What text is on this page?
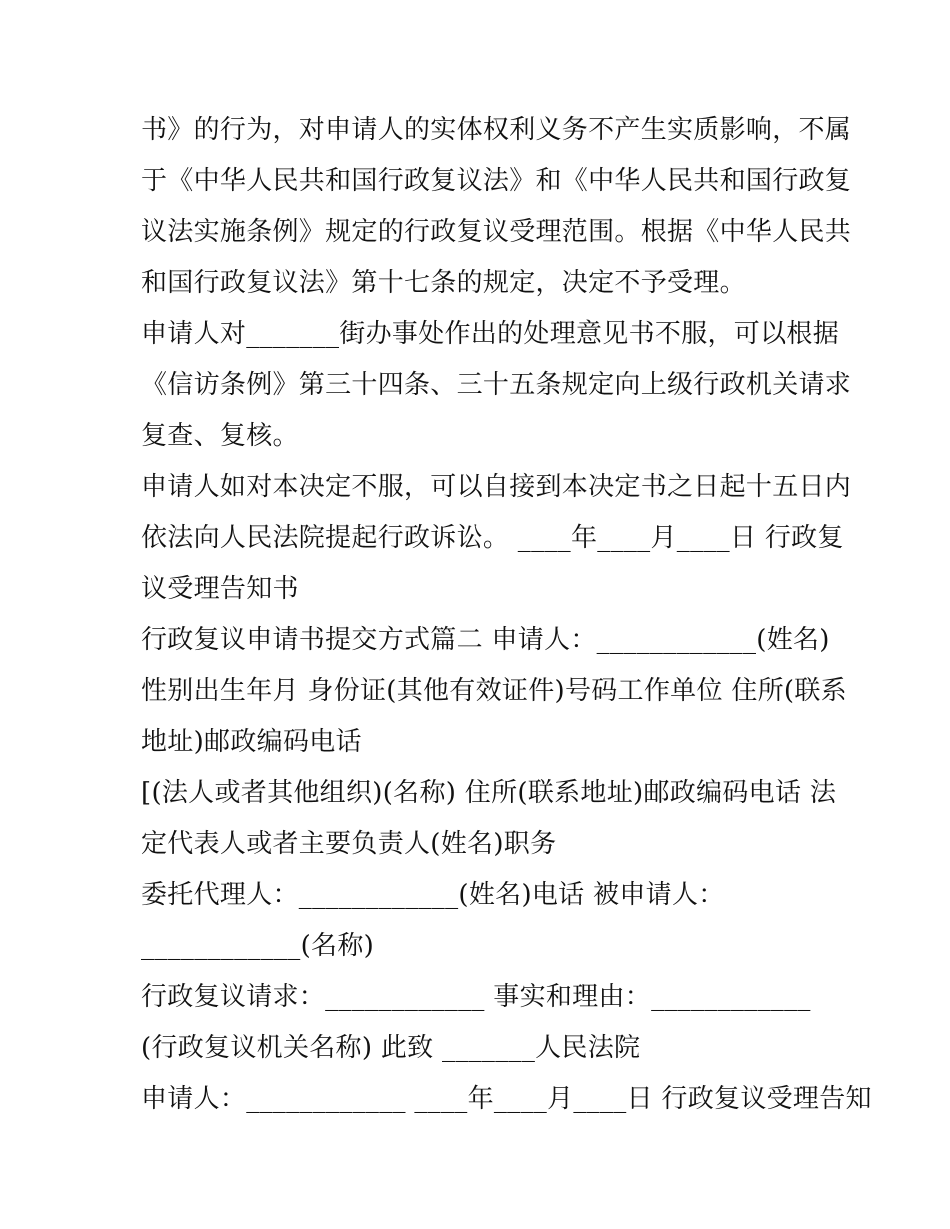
书》的行为，对申请人的实体权利义务不产生实质影响，不属
于《中华人民共和国行政复议法》和《中华人民共和国行政复
议法实施条例》规定的行政复议受理范围。根据《中华人民共
和国行政复议法》第十七条的规定，决定不予受理。
申请人对_______街办事处作出的处理意见书不服，可以根据
《信访条例》第三十四条、三十五条规定向上级行政机关请求
复查、复核。
申请人如对本决定不服，可以自接到本决定书之日起十五日内
依法向人民法院提起行政诉讼。 ____年____月____日 行政复
议受理告知书
行政复议申请书提交方式篇二 申请人：____________(姓名)
性别出生年月 身份证(其他有效证件)号码工作单位 住所(联系
地址)邮政编码电话
[(法人或者其他组织)(名称) 住所(联系地址)邮政编码电话 法
定代表人或者主要负责人(姓名)职务
委托代理人：____________(姓名)电话 被申请人：
____________(名称)
行政复议请求：____________ 事实和理由：____________
(行政复议机关名称) 此致 _______人民法院
申请人：____________ ____年____月____日 行政复议受理告知
